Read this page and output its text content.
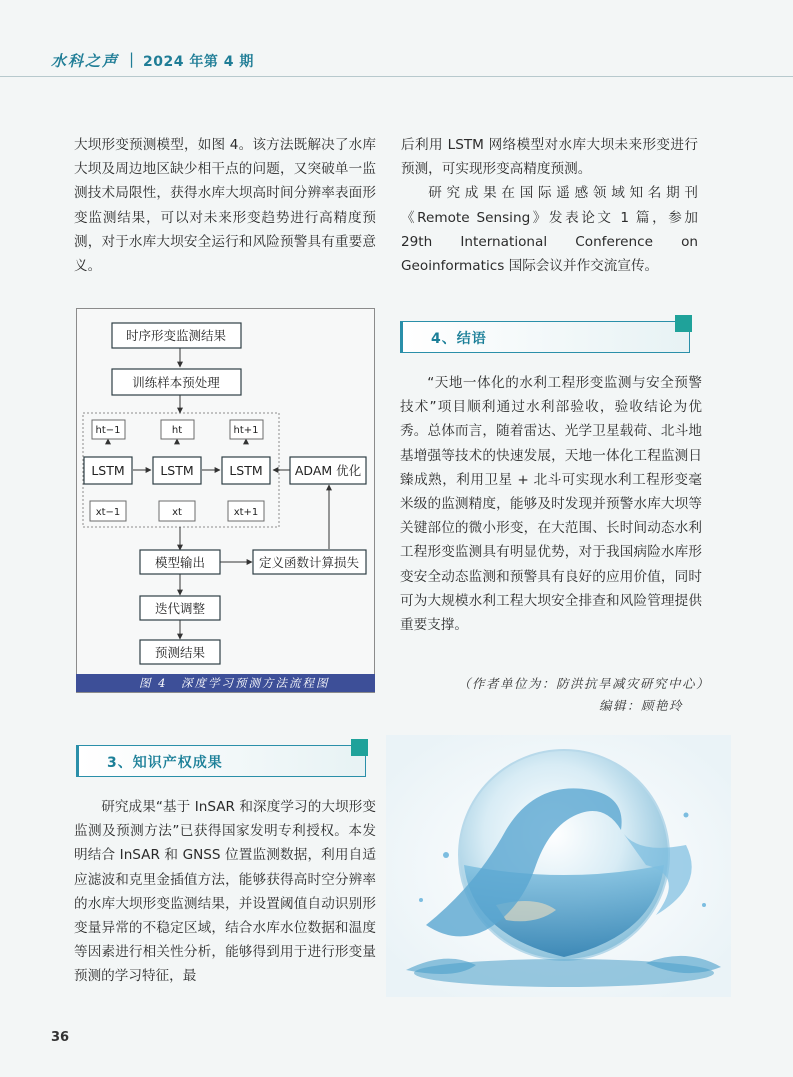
水科之声 | 2024 年第 4 期

大坝形变预测模型，如图 4。该方法既解决了水库大坝及周边地区缺少相干点的问题，又突破单一监测技术局限性，获得水库大坝高时间分辨率表面形变监测结果，可以对未来形变趋势进行高精度预测，对于水库大坝安全运行和风险预警具有重要意义。

后利用 LSTM 网络模型对水库大坝未来形变进行预测，可实现形变高精度预测。

研究成果在国际遥感领域知名期刊《Remote Sensing》发表论文 1 篇，参加 29th International Conference on Geoinformatics 国际会议并作交流宣传。

时序形变监测结果
训练样本预处理
ht−1	ht	ht+1
LSTM	LSTM	LSTM	ADAM 优化
xt−1	xt	xt+1
模型输出	定义函数计算损失
迭代调整
预测结果
图 4　深度学习预测方法流程图
4、结语

“天地一体化的水利工程形变监测与安全预警技术”项目顺利通过水利部验收，验收结论为优秀。总体而言，随着雷达、光学卫星载荷、北斗地基增强等技术的快速发展，天地一体化工程监测日臻成熟，利用卫星 + 北斗可实现水利工程形变毫米级的监测精度，能够及时发现并预警水库大坝等关键部位的微小形变，在大范围、长时间动态水利工程形变监测具有明显优势，对于我国病险水库形变安全动态监测和预警具有良好的应用价值，同时可为大规模水利工程大坝安全排查和风险管理提供重要支撑。

（作者单位为：防洪抗旱减灾研究中心）
编辑：顾艳玲
3、知识产权成果

研究成果“基于 InSAR 和深度学习的大坝形变监测及预测方法”已获得国家发明专利授权。本发明结合 InSAR 和 GNSS 位置监测数据，利用自适应滤波和克里金插值方法，能够获得高时空分辨率的水库大坝形变监测结果，并设置阈值自动识别形变量异常的不稳定区域，结合水库水位数据和温度等因素进行相关性分析，能够得到用于进行形变量预测的学习特征，最

36
